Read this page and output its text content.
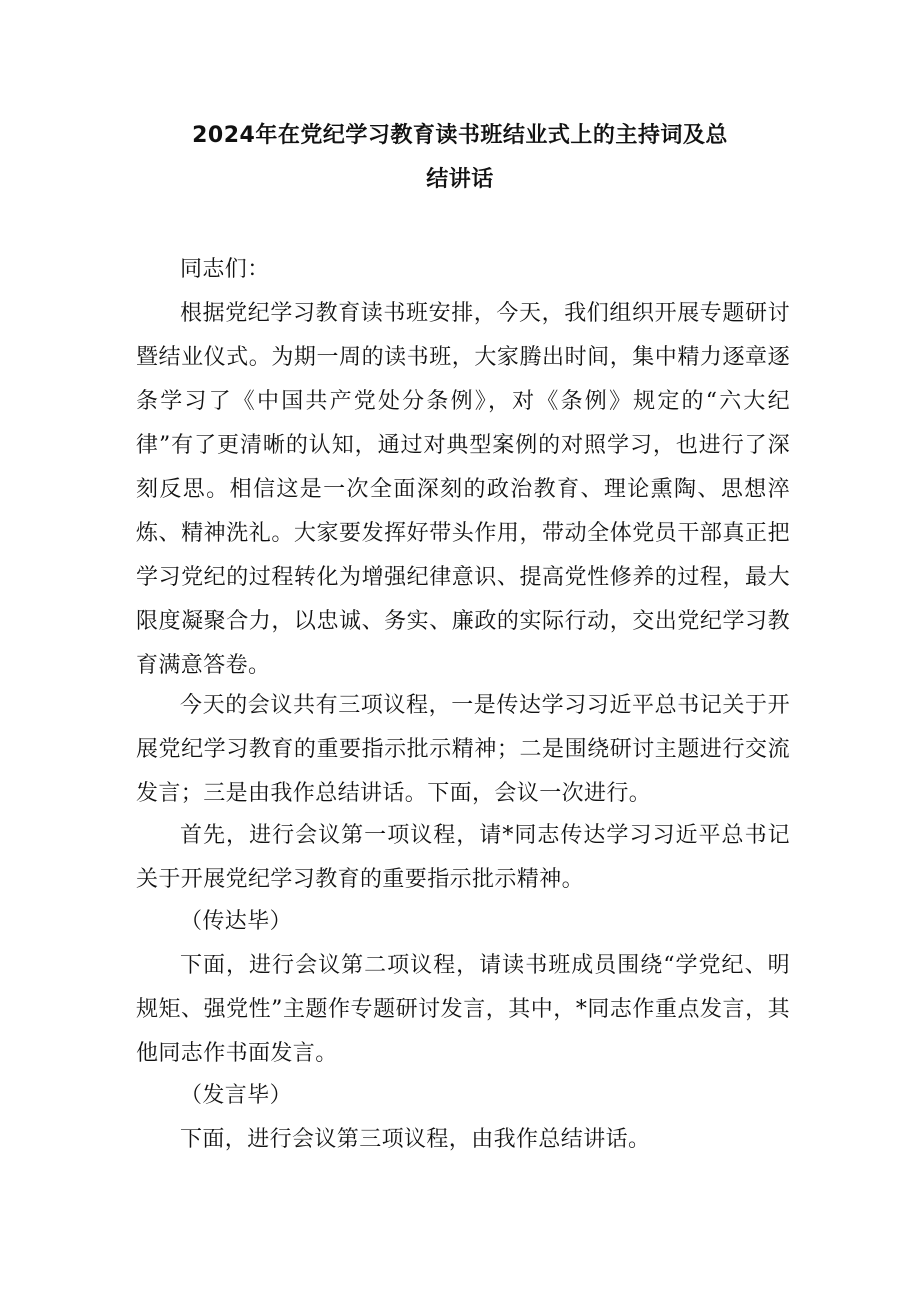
2024年在党纪学习教育读书班结业式上的主持词及总
结讲话

同志们：

根据党纪学习教育读书班安排，今天，我们组织开展专题研讨暨结业仪式。为期一周的读书班，大家腾出时间，集中精力逐章逐条学习了《中国共产党处分条例》，对《条例》规定的“六大纪律”有了更清晰的认知，通过对典型案例的对照学习，也进行了深刻反思。相信这是一次全面深刻的政治教育、理论熏陶、思想淬炼、精神洗礼。大家要发挥好带头作用，带动全体党员干部真正把学习党纪的过程转化为增强纪律意识、提高党性修养的过程，最大限度凝聚合力，以忠诚、务实、廉政的实际行动，交出党纪学习教育满意答卷。

今天的会议共有三项议程，一是传达学习习近平总书记关于开展党纪学习教育的重要指示批示精神；二是围绕研讨主题进行交流发言；三是由我作总结讲话。下面，会议一次进行。

首先，进行会议第一项议程，请*同志传达学习习近平总书记关于开展党纪学习教育的重要指示批示精神。

（传达毕）

下面，进行会议第二项议程，请读书班成员围绕“学党纪、明规矩、强党性”主题作专题研讨发言，其中，*同志作重点发言，其他同志作书面发言。

（发言毕）

下面，进行会议第三项议程，由我作总结讲话。
